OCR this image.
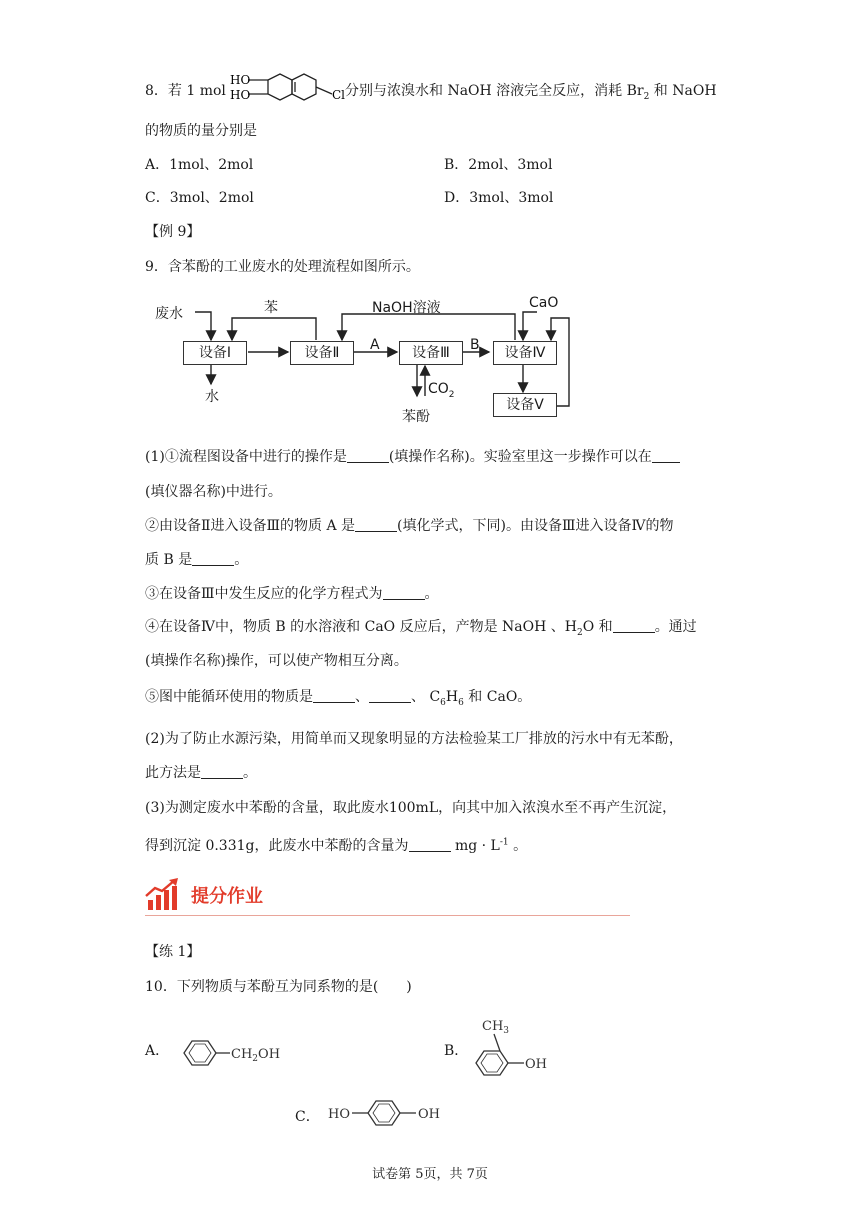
8．若 1 mol
HO
HO	Cl 分别与浓溴水和 NaOH 溶液完全反应，消耗 $Br_2$ 和 NaOH
的物质的量分别是
A．1mol、2mol	B．2mol、3mol
C．3mol、2mol	D．3mol、3mol
【例 9】
9．含苯酚的工业废水的处理流程如图所示。
废水	苯	NaOH溶液	CaO
设备Ⅰ	设备Ⅱ	设备Ⅲ	设备Ⅳ
设备Ⅴ
A	B
水	$CO_2$
苯酚
(1)①流程图设备中进行的操作是	(填操作名称)。实验室里这一步操作可以在
(填仪器名称)中进行。
②由设备Ⅱ进入设备Ⅲ的物质 A 是	(填化学式，下同)。由设备Ⅲ进入设备Ⅳ的物
质 B 是	。
③在设备Ⅲ中发生反应的化学方程式为	。
④在设备Ⅳ中，物质 B 的水溶液和 CaO 反应后，产物是 NaOH 、$H_2O$ 和	。通过
(填操作名称)操作，可以使产物相互分离。
⑤图中能循环使用的物质是	、	、 $C_6H_6$ 和 CaO。
(2)为了防止水源污染，用简单而又现象明显的方法检验某工厂排放的污水中有无苯酚，
此方法是	。
(3)为测定废水中苯酚的含量，取此废水100mL，向其中加入浓溴水至不再产生沉淀，
得到沉淀 0.331g，此废水中苯酚的含量为	mg · $L^{-1}$ 。
提分作业
【练 1】
10．下列物质与苯酚互为同系物的是(　　)
A．	$CH_2OH$	B．
$CH_3$
OH
C． HO	OH
试卷第 5页，共 7页
